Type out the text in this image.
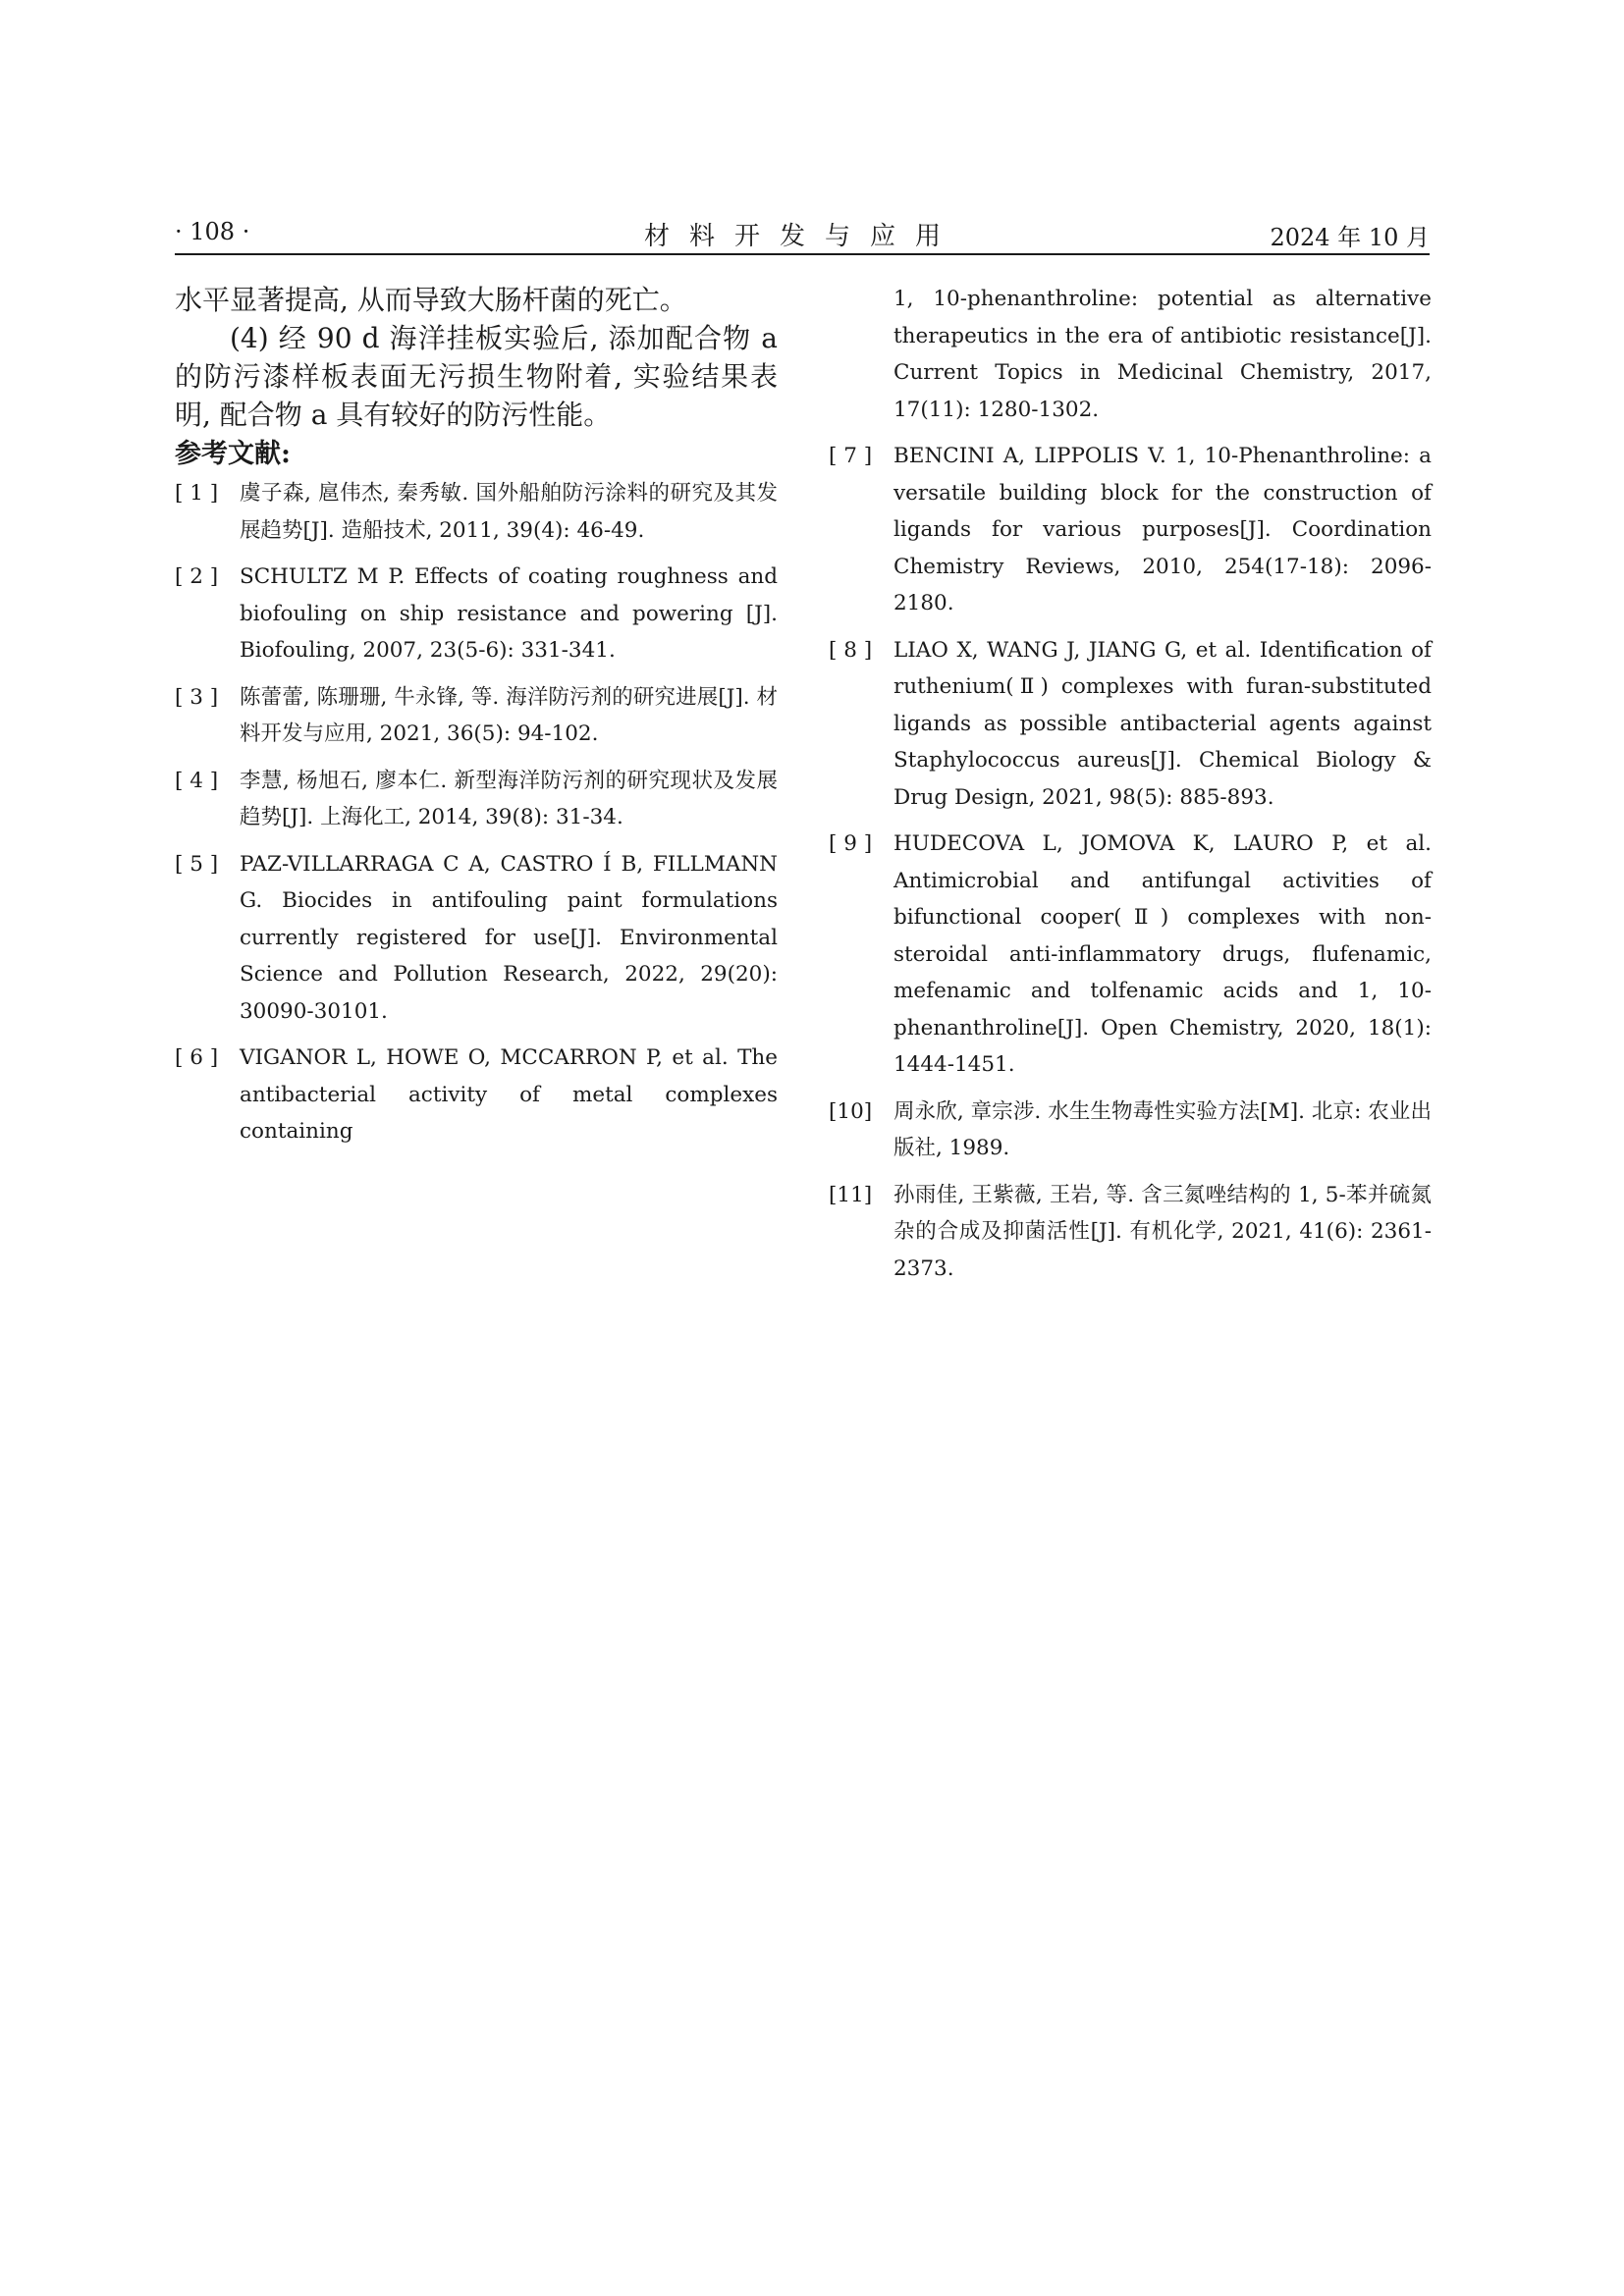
· 108 ·	材料开发与应用	2024 年 10 月

水平显著提高, 从而导致大肠杆菌的死亡。

(4) 经 90 d 海洋挂板实验后, 添加配合物 a 的防污漆样板表面无污损生物附着, 实验结果表明, 配合物 a 具有较好的防污性能。

参考文献:
[ 1 ]	虞子森, 扈伟杰, 秦秀敏. 国外船舶防污涂料的研究及其发展趋势[J]. 造船技术, 2011, 39(4): 46-49.
[ 2 ]	SCHULTZ M P. Effects of coating roughness and biofouling on ship resistance and powering [J]. Biofouling, 2007, 23(5-6): 331-341.
[ 3 ]	陈蕾蕾, 陈珊珊, 牛永锋, 等. 海洋防污剂的研究进展[J]. 材料开发与应用, 2021, 36(5): 94-102.
[ 4 ]	李慧, 杨旭石, 廖本仁. 新型海洋防污剂的研究现状及发展趋势[J]. 上海化工, 2014, 39(8): 31-34.
[ 5 ]	PAZ-VILLARRAGA C A, CASTRO Í B, FILLMANN G. Biocides in antifouling paint formulations currently registered for use[J]. Environmental Science and Pollution Research, 2022, 29(20): 30090-30101.
[ 6 ]	VIGANOR L, HOWE O, MCCARRON P, et al. The antibacterial activity of metal complexes containing
1, 10-phenanthroline: potential as alternative therapeutics in the era of antibiotic resistance[J]. Current Topics in Medicinal Chemistry, 2017, 17(11): 1280-1302.
[ 7 ]	BENCINI A, LIPPOLIS V. 1, 10-Phenanthroline: a versatile building block for the construction of ligands for various purposes[J]. Coordination Chemistry Reviews, 2010, 254(17-18): 2096-2180.
[ 8 ]	LIAO X, WANG J, JIANG G, et al. Identification of ruthenium(Ⅱ) complexes with furan-substituted ligands as possible antibacterial agents against Staphylococcus aureus[J]. Chemical Biology & Drug Design, 2021, 98(5): 885-893.
[ 9 ]	HUDECOVA L, JOMOVA K, LAURO P, et al. Antimicrobial and antifungal activities of bifunctional cooper(Ⅱ) complexes with non-steroidal anti-inflammatory drugs, flufenamic, mefenamic and tolfenamic acids and 1, 10-phenanthroline[J]. Open Chemistry, 2020, 18(1): 1444-1451.
[10]	周永欣, 章宗涉. 水生生物毒性实验方法[M]. 北京: 农业出版社, 1989.
[11]	孙雨佳, 王紫薇, 王岩, 等. 含三氮唑结构的 1, 5-苯并硫氮杂的合成及抑菌活性[J]. 有机化学, 2021, 41(6): 2361-2373.
